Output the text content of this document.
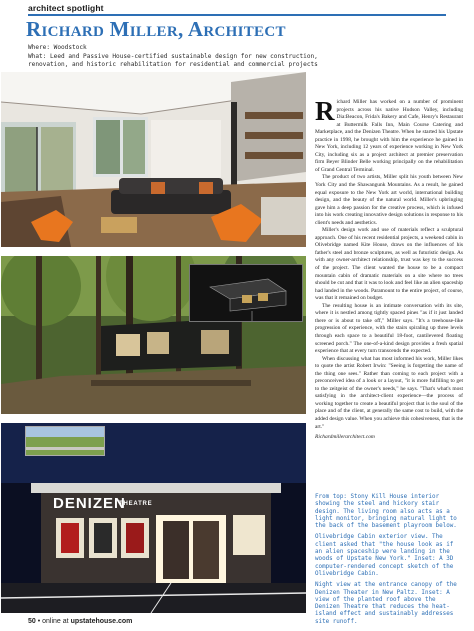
architect spotlight
Richard Miller, Architect
Where: Woodstock
What: Leed and Passive House-certified sustainable design for new construction,
renovation, and historic rehabilitation for residential and commercial projects
DENIZEN
THEATRE

Richard Miller has worked on a number of prominent projects across his native Hudson Valley, including Dia:Beacon, Frida's Bakery and Cafe, Henry's Restaurant at Buttermilk Falls Inn, Main Course Catering and Marketplace, and the Denizen Theatre. When he started his Upstate practice in 1998, he brought with him the experience he gained in New York, including 12 years of experience working in New York City, including six as a project architect at premier preservation firm Beyer Blinder Belle working principally on the rehabilitation of Grand Central Terminal.

The product of two artists, Miller split his youth between New York City and the Shawangunk Mountains. As a result, he gained equal exposure to the New York art world, international building design, and the beauty of the natural world. Miller's upbringing gave him a deep passion for the creative process, which is infused into his work creating innovative design solutions in response to his client's needs and aesthetics.

Miller's design work and use of materials reflect a sculptural approach. One of his recent residential projects, a weekend cabin in Olivebridge named Kite House, draws on the influences of his father's steel and bronze sculptures, as well as futuristic design. As with any owner-architect relationship, trust was key to the success of the project. The client wanted the house to be a compact mountain cabin of dramatic materials on a site where no trees should be cut and that it was to look and feel like an alien spaceship had landed in the woods. Paramount to the entire project, of course, was that it remained on budget.

The resulting house is an intimate conversation with its site, where it is nestled among tightly spaced pines "as if it just landed there or is about to take off," Miller says. "It's a treehouse-like progression of experience, with the stairs spiraling up three levels through each space to a beautiful 18-foot, cantilevered floating screened porch." The one-of-a-kind design provides a fresh spatial experience that at every turn transcends the expected.

When discussing what has most informed his work, Miller likes to quote the artist Robert Irwin: "Seeing is forgetting the name of the thing one sees." Rather than coming to each project with a preconceived idea of a look or a layout, "it is more fulfilling to get to the zeitgeist of the owner's needs," he says. "That's what's most satisfying in the architect-client experience—the process of working together to create a beautiful project that is the soul of the place and of the client, at generally the same cost to build, with the added design value. When you achieve this cohesiveness, that is the art."

Richardmillerarchitect.com

From top: Stony Kill House interior showing the steel and hickory stair design. The living room also acts as a light monitor, bringing natural light to the back of the basement playroom below.

Olivebridge Cabin exterior view. The client asked that "the house look as if an alien spaceship were landing in the woods of Upstate New York." Inset: A 3D computer-rendered concept sketch of the Olivebridge Cabin.

Night view at the entrance canopy of the Denizen Theater in New Paltz. Inset: A view of the planted roof above the Denizen Theatre that reduces the heat-island effect and sustainably addresses site runoff.

50 • online at upstatehouse.com
